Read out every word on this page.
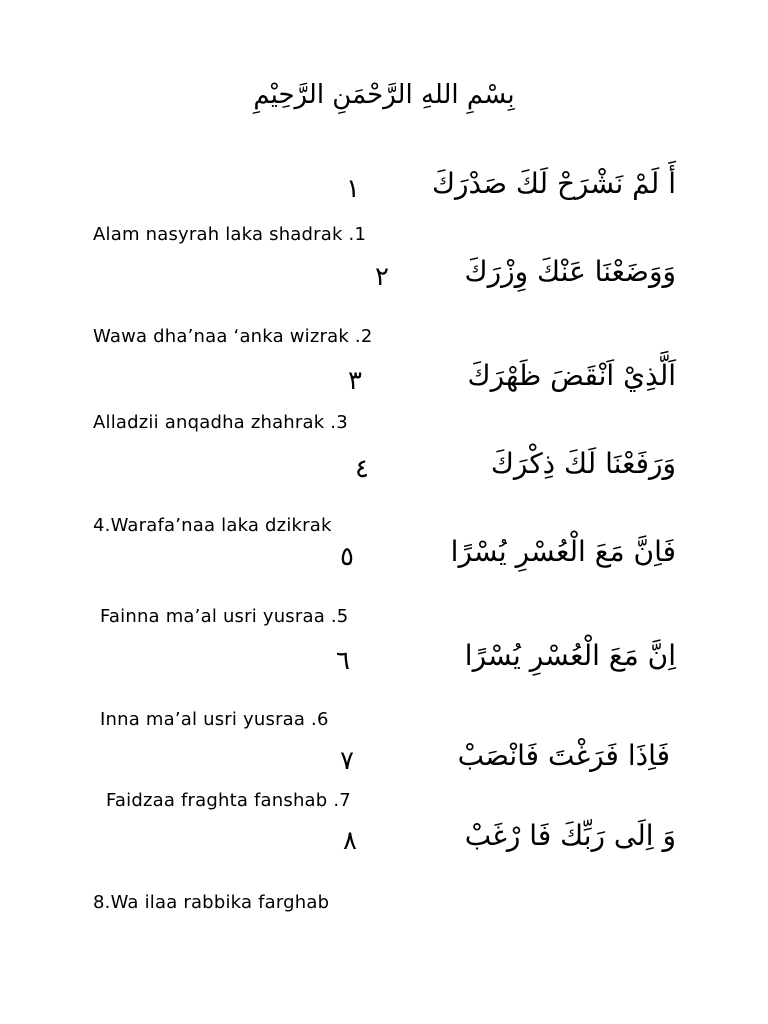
بِسْمِ اللهِ الرَّحْمَنِ الرَّحِيْمِ
أَ لَمْ نَشْرَحْ لَكَ صَدْرَكَ
١
Alam nasyrah laka shadrak .1
وَوَضَعْنَا عَنْكَ وِزْرَكَ
٢
Wawa dha’naa ‘anka wizrak .2
اَلَّذِيْ اَنْقَضَ ظَهْرَكَ
٣
Alladzii anqadha zhahrak .3
وَرَفَعْنَا لَكَ ذِكْرَكَ
٤
4.Warafa’naa laka dzikrak
فَاِنَّ مَعَ الْعُسْرِ يُسْرًا
٥
Fainna ma’al usri yusraa .5
اِنَّ مَعَ الْعُسْرِ يُسْرًا
٦
Inna ma’al usri yusraa .6
فَاِذَا فَرَغْتَ فَانْصَبْ
٧
Faidzaa fraghta fanshab .7
وَ اِلَى رَبِّكَ فَا رْغَبْ
٨
8.Wa ilaa rabbika farghab
